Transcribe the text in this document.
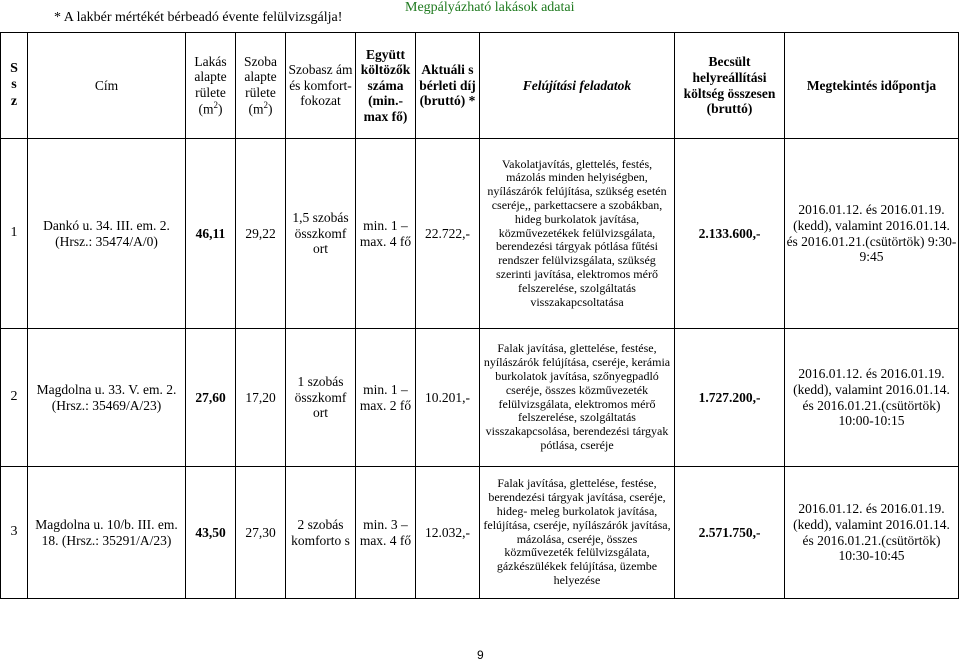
* A lakbér mértékét bérbeadó évente felülvizsgálja!
Megpályázható lakások adatai
S
s
z	Cím	Lakás alapte rülete $(m^2)$	Szoba alapte rülete $(m^2)$	Szobasz ám és komfort-fokozat	Együtt költözők száma (min.-max fő)	Aktuáli s bérleti díj (bruttó) *	Felújítási feladatok	Becsült helyreállítási költség összesen (bruttó)	Megtekintés időpontja
1	Dankó u. 34. III. em. 2. (Hrsz.: 35474/A/0)	46,11	29,22	1,5 szobás összkomf ort	min. 1 – max. 4 fő	22.722,-	Vakolatjavítás, glettelés, festés, mázolás minden helyiségben, nyílászárók felújítása, szükség esetén cseréje,, parkettacsere a szobákban, hideg burkolatok javítása, közművezetékek felülvizsgálata, berendezési tárgyak pótlása fűtési rendszer felülvizsgálata, szükség szerinti javítása, elektromos mérő felszerelése, szolgáltatás visszakapcsoltatása	2.133.600,-	2016.01.12. és 2016.01.19. (kedd), valamint 2016.01.14. és 2016.01.21.(csütörtök) 9:30-9:45
2	Magdolna u. 33. V. em. 2. (Hrsz.: 35469/A/23)	27,60	17,20	1 szobás összkomf ort	min. 1 – max. 2 fő	10.201,-	Falak javítása, glettelése, festése, nyílászárók felújítása, cseréje, kerámia burkolatok javítása, szőnyegpadló cseréje, összes közművezeték felülvizsgálata, elektromos mérő felszerelése, szolgáltatás visszakapcsolása, berendezési tárgyak pótlása, cseréje	1.727.200,-	2016.01.12. és 2016.01.19. (kedd), valamint 2016.01.14. és 2016.01.21.(csütörtök) 10:00-10:15
3	Magdolna u. 10/b. III. em. 18. (Hrsz.: 35291/A/23)	43,50	27,30	2 szobás komforto s	min. 3 – max. 4 fő	12.032,-	Falak javítása, glettelése, festése, berendezési tárgyak javítása, cseréje, hideg- meleg burkolatok javítása, felújítása, cseréje, nyílászárók javítása, mázolása, cseréje, összes közművezeték felülvizsgálata, gázkészülékek felújítása, üzembe helyezése	2.571.750,-	2016.01.12. és 2016.01.19. (kedd), valamint 2016.01.14. és 2016.01.21.(csütörtök) 10:30-10:45
9
